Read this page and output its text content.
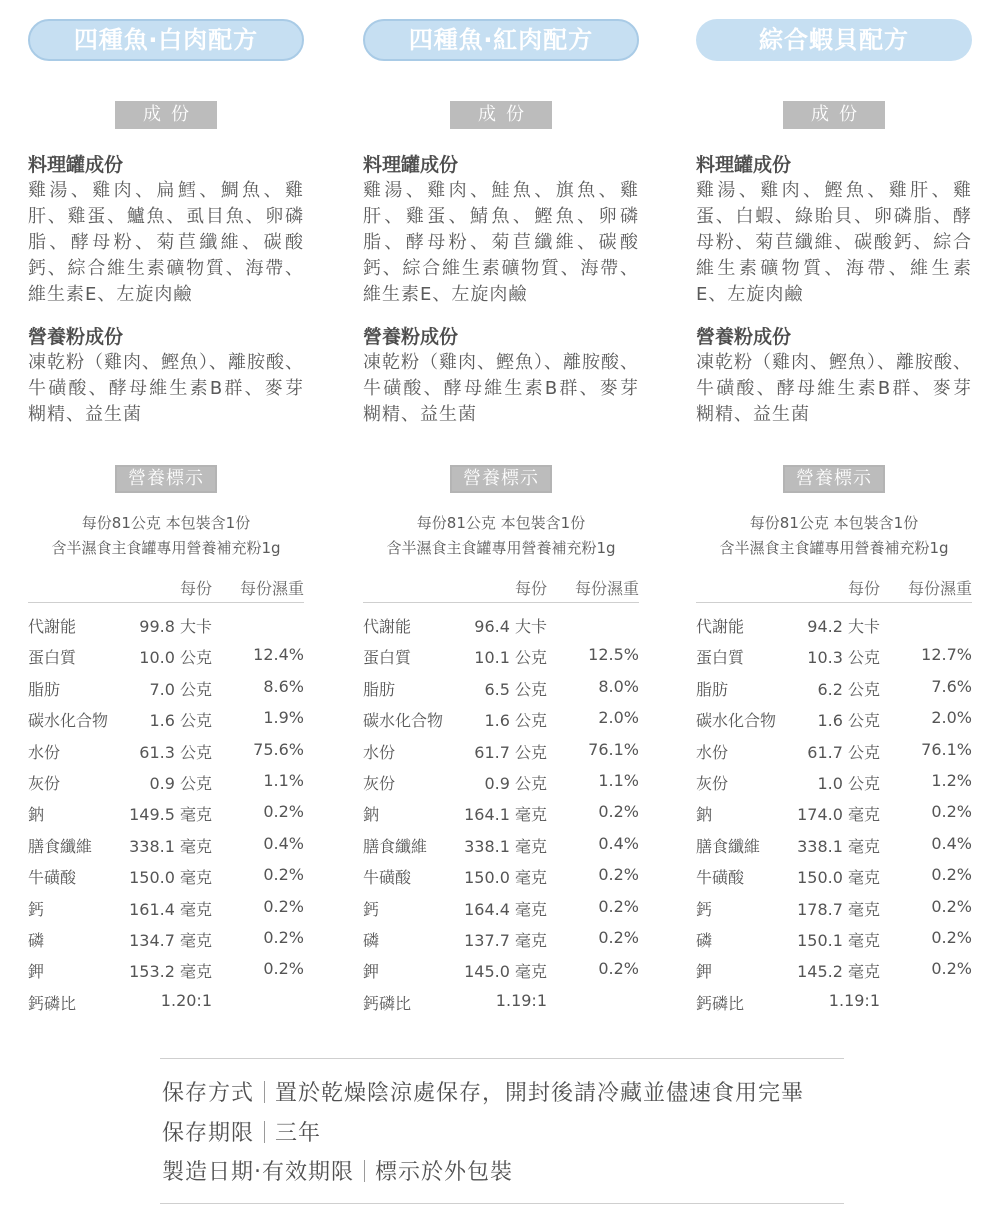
四種魚‧白肉配方
成份
料理罐成份
雞湯、雞肉、扁鱈、鯛魚、雞肝、雞蛋、鱸魚、虱目魚、卵磷脂、酵母粉、菊苣纖維、碳酸鈣、綜合維生素礦物質、海帶、維生素E、左旋肉鹼
營養粉成份
凍乾粉（雞肉、鰹魚）、離胺酸、牛磺酸、酵母維生素B群、麥芽糊精、益生菌
營養標示
每份81公克 本包裝含1份
含半濕食主食罐專用營養補充粉1g
每份 每份濕重
代謝能	99.8 大卡
蛋白質	10.0 公克	12.4%
脂肪	7.0 公克	8.6%
碳水化合物	1.6 公克	1.9%
水份	61.3 公克	75.6%
灰份	0.9 公克	1.1%
鈉	149.5 毫克	0.2%
膳食纖維 338.1 毫克	0.4%
牛磺酸	150.0 毫克	0.2%
鈣	161.4 毫克	0.2%
磷	134.7 毫克	0.2%
鉀	153.2 毫克	0.2%
鈣磷比	1.20:1
四種魚‧紅肉配方
成份
料理罐成份
雞湯、雞肉、鮭魚、旗魚、雞肝、雞蛋、鯖魚、鰹魚、卵磷脂、酵母粉、菊苣纖維、碳酸鈣、綜合維生素礦物質、海帶、維生素E、左旋肉鹼
營養粉成份
凍乾粉（雞肉、鰹魚）、離胺酸、牛磺酸、酵母維生素B群、麥芽糊精、益生菌
營養標示
每份81公克 本包裝含1份
含半濕食主食罐專用營養補充粉1g
每份 每份濕重
代謝能	96.4 大卡
蛋白質	10.1 公克	12.5%
脂肪	6.5 公克	8.0%
碳水化合物	1.6 公克	2.0%
水份	61.7 公克	76.1%
灰份	0.9 公克	1.1%
鈉	164.1 毫克	0.2%
膳食纖維 338.1 毫克	0.4%
牛磺酸	150.0 毫克	0.2%
鈣	164.4 毫克	0.2%
磷	137.7 毫克	0.2%
鉀	145.0 毫克	0.2%
鈣磷比	1.19:1
綜合蝦貝配方
成份
料理罐成份
雞湯、雞肉、鰹魚、雞肝、雞蛋、白蝦、綠貽貝、卵磷脂、酵母粉、菊苣纖維、碳酸鈣、綜合維生素礦物質、海帶、維生素E、左旋肉鹼
營養粉成份
凍乾粉（雞肉、鰹魚）、離胺酸、牛磺酸、酵母維生素B群、麥芽糊精、益生菌
營養標示
每份81公克 本包裝含1份
含半濕食主食罐專用營養補充粉1g
每份 每份濕重
代謝能	94.2 大卡
蛋白質	10.3 公克	12.7%
脂肪	6.2 公克	7.6%
碳水化合物	1.6 公克	2.0%
水份	61.7 公克	76.1%
灰份	1.0 公克	1.2%
鈉	174.0 毫克	0.2%
膳食纖維 338.1 毫克	0.4%
牛磺酸	150.0 毫克	0.2%
鈣	178.7 毫克	0.2%
磷	150.1 毫克	0.2%
鉀	145.2 毫克	0.2%
鈣磷比	1.19:1
保存方式 置於乾燥陰涼處保存，開封後請冷藏並儘速食用完畢
保存期限 三年
製造日期‧有效期限 標示於外包裝
